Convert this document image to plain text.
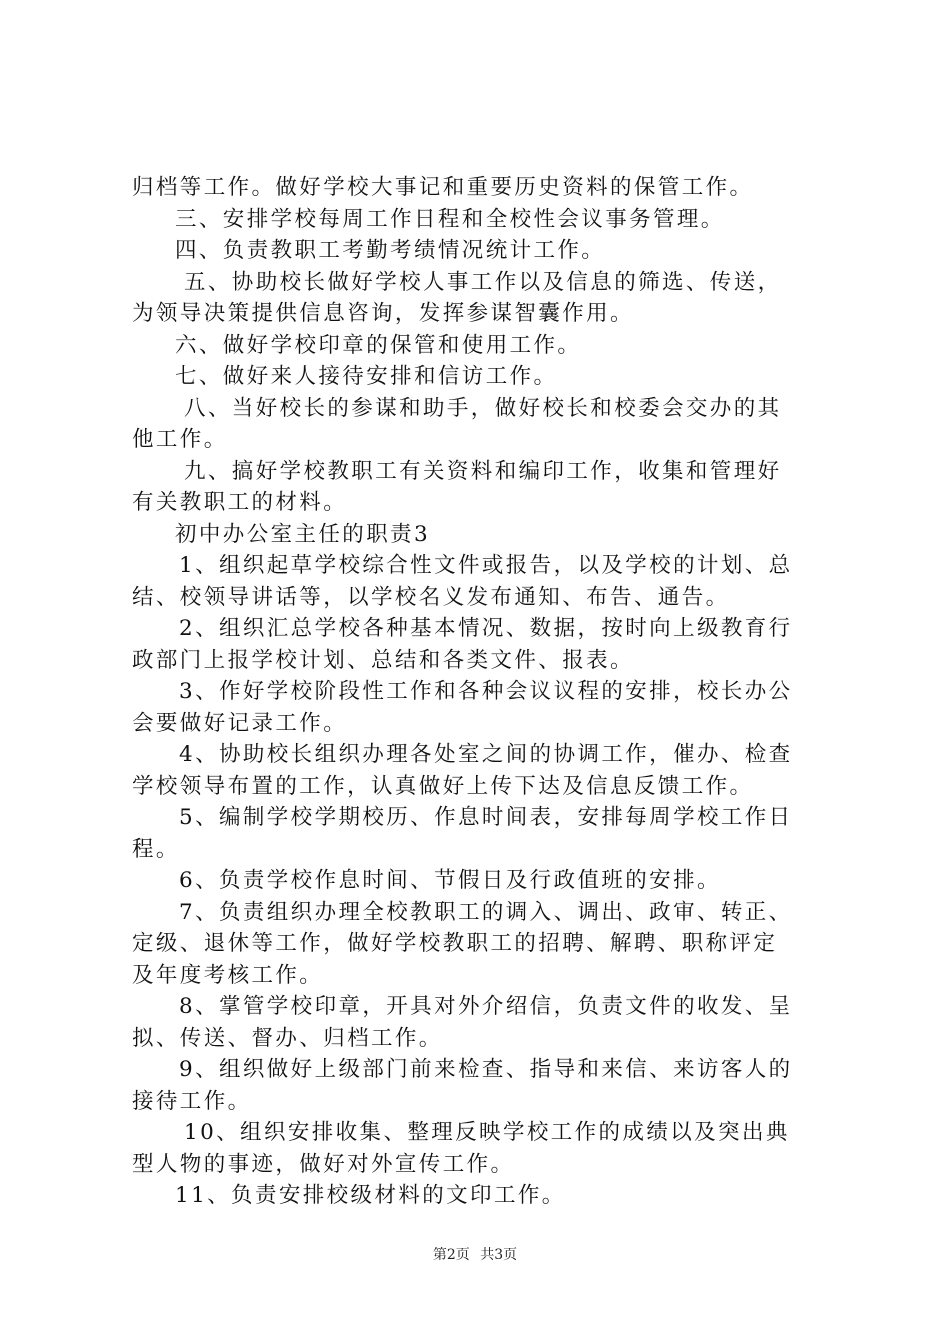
归档等工作。做好学校大事记和重要历史资料的保管工作。
三、安排学校每周工作日程和全校性会议事务管理。
四、负责教职工考勤考绩情况统计工作。
五、协助校长做好学校人事工作以及信息的筛选、传送，
为领导决策提供信息咨询，发挥参谋智囊作用。
六、做好学校印章的保管和使用工作。
七、做好来人接待安排和信访工作。
八、当好校长的参谋和助手，做好校长和校委会交办的其
他工作。
九、搞好学校教职工有关资料和编印工作，收集和管理好
有关教职工的材料。
初中办公室主任的职责3
1、组织起草学校综合性文件或报告，以及学校的计划、总
结、校领导讲话等，以学校名义发布通知、布告、通告。
2、组织汇总学校各种基本情况、数据，按时向上级教育行
政部门上报学校计划、总结和各类文件、报表。
3、作好学校阶段性工作和各种会议议程的安排，校长办公
会要做好记录工作。
4、协助校长组织办理各处室之间的协调工作，催办、检查
学校领导布置的工作，认真做好上传下达及信息反馈工作。
5、编制学校学期校历、作息时间表，安排每周学校工作日
程。
6、负责学校作息时间、节假日及行政值班的安排。
7、负责组织办理全校教职工的调入、调出、政审、转正、
定级、退休等工作，做好学校教职工的招聘、解聘、职称评定
及年度考核工作。
8、掌管学校印章，开具对外介绍信，负责文件的收发、呈
拟、传送、督办、归档工作。
9、组织做好上级部门前来检查、指导和来信、来访客人的
接待工作。
10、组织安排收集、整理反映学校工作的成绩以及突出典
型人物的事迹，做好对外宣传工作。
11、负责安排校级材料的文印工作。
第2页 共3页
